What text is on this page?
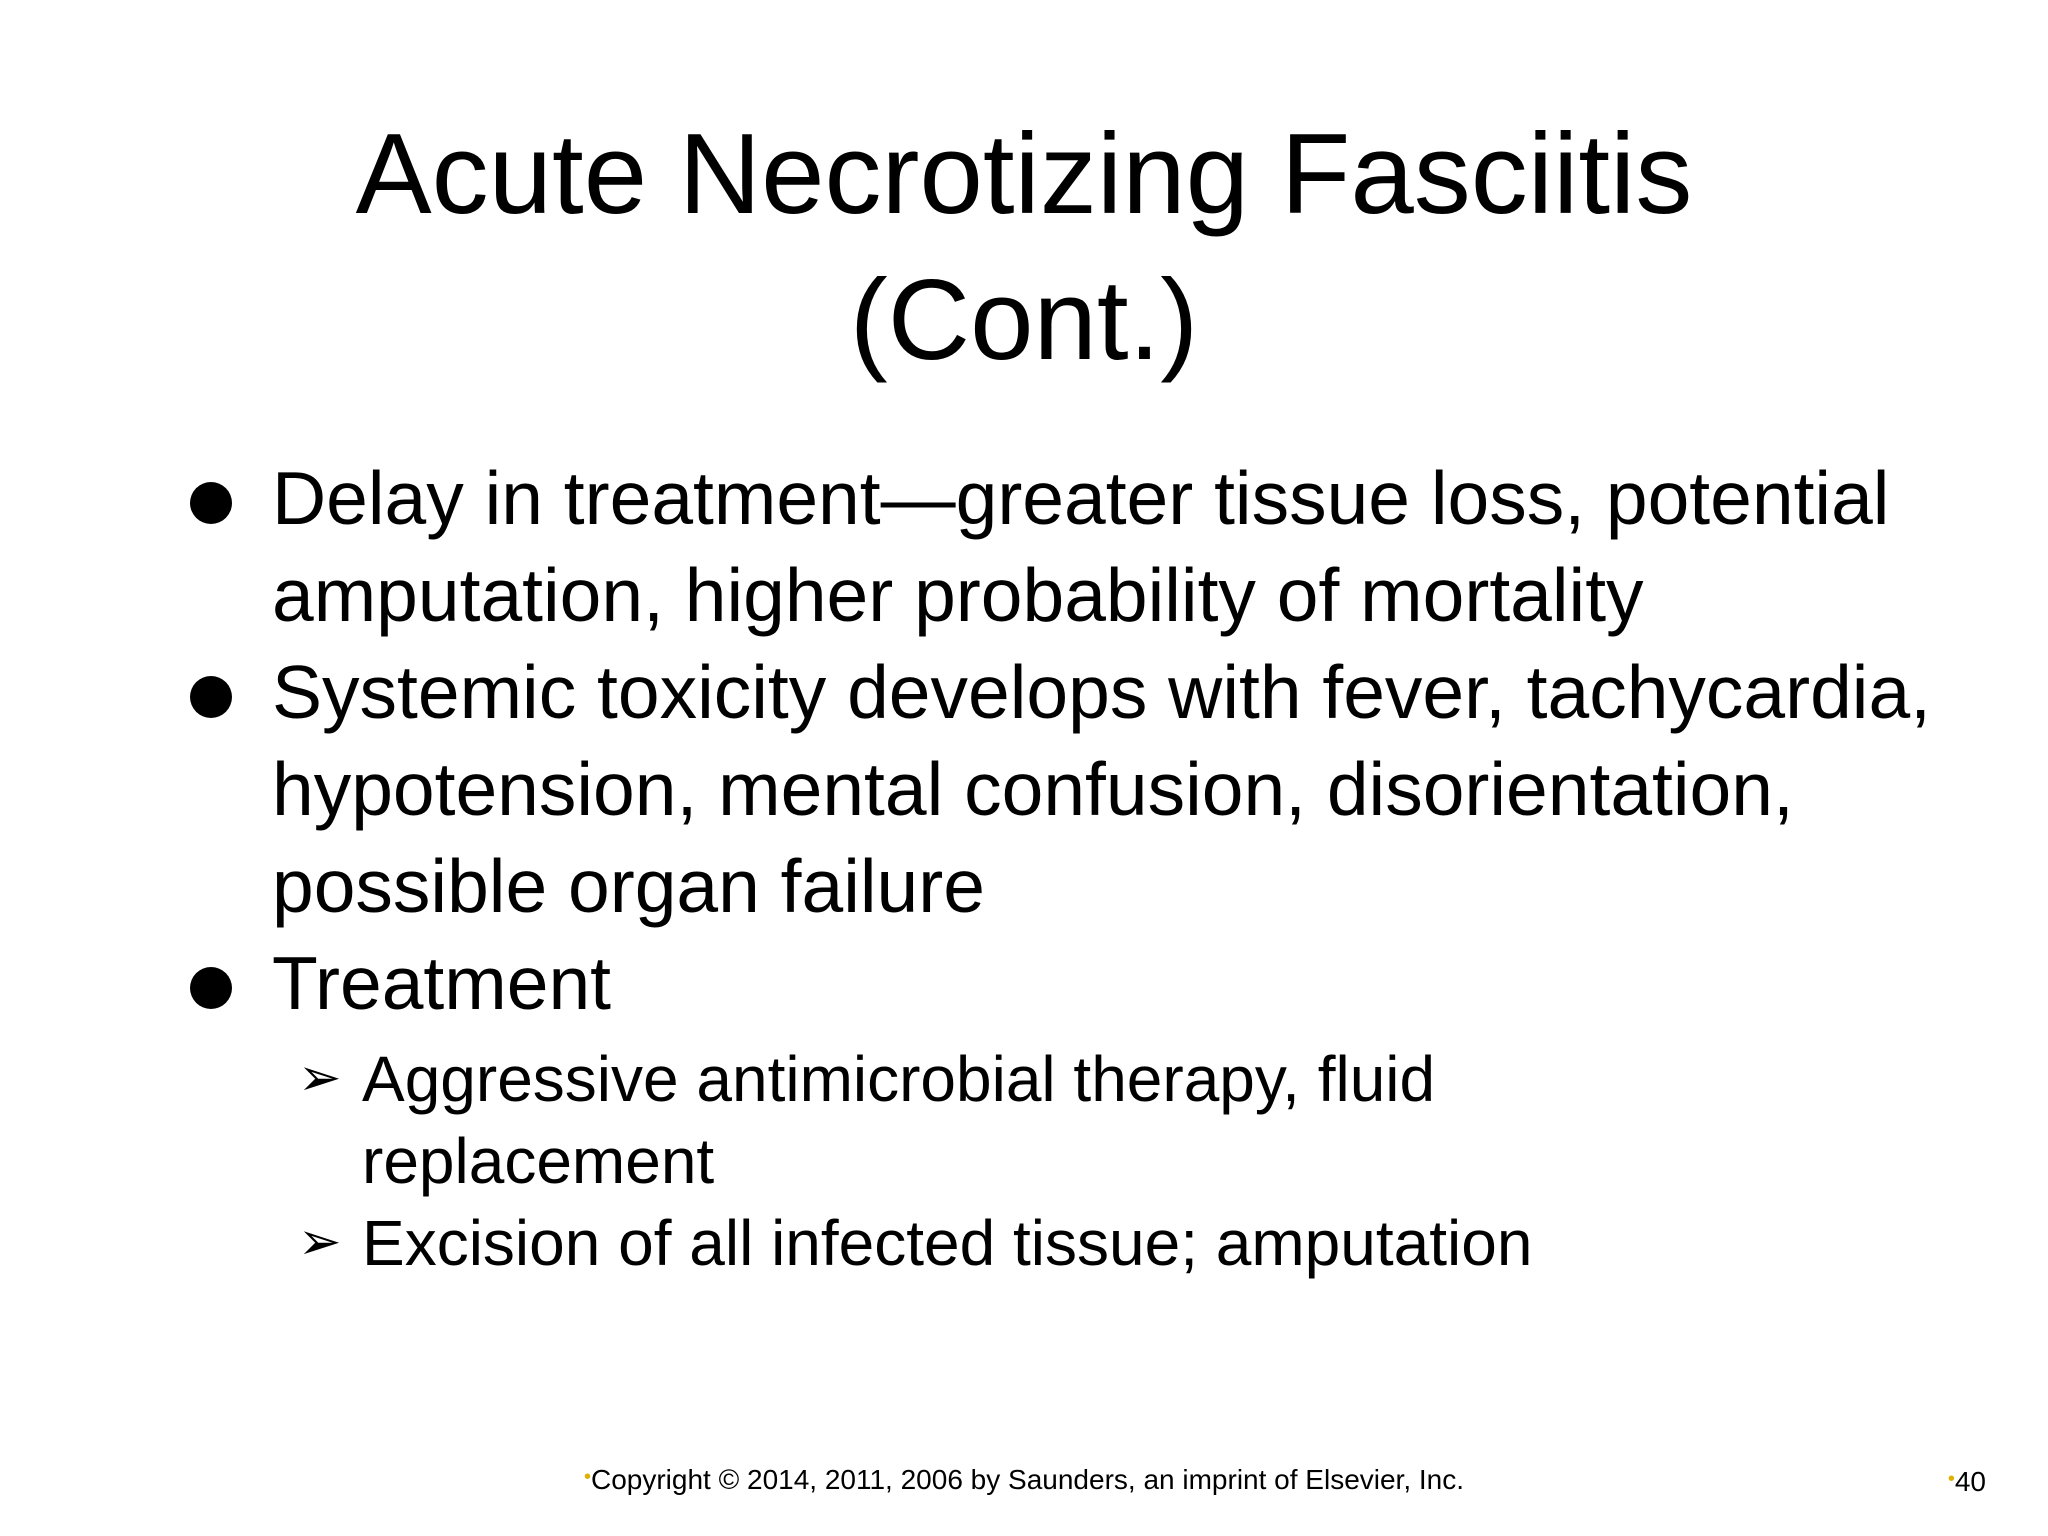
Acute Necrotizing Fasciitis
(Cont.)
Delay in treatment—greater tissue loss, potential amputation, higher probability of mortality
Systemic toxicity develops with fever, tachycardia, hypotension, mental confusion, disorientation, possible organ failure
Treatment
➢ Aggressive antimicrobial therapy, fluid replacement
➢ Excision of all infected tissue; amputation
•Copyright © 2014, 2011, 2006 by Saunders, an imprint of Elsevier, Inc.	•40
